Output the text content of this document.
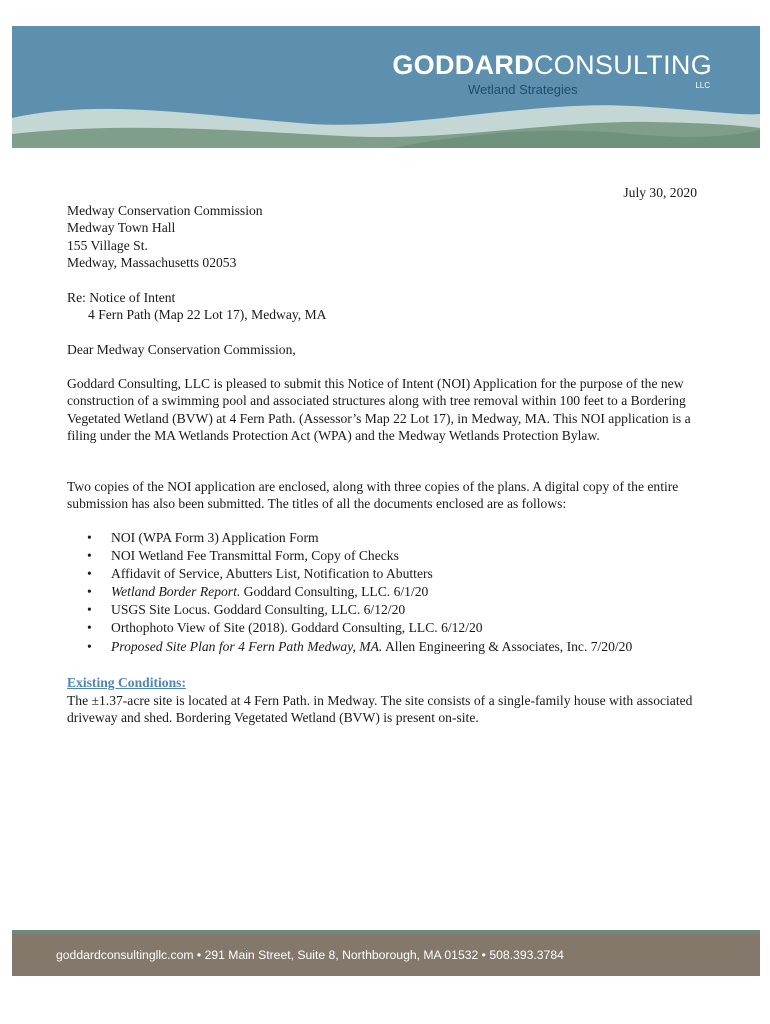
GODDARDCONSULTING
LLC
Wetland Strategies
July 30, 2020
Medway Conservation Commission
Medway Town Hall
155 Village St.
Medway, Massachusetts 02053
Re: Notice of Intent
4 Fern Path (Map 22 Lot 17), Medway, MA
Dear Medway Conservation Commission,
Goddard Consulting, LLC is pleased to submit this Notice of Intent (NOI) Application for the purpose of the new construction of a swimming pool and associated structures along with tree removal within 100 feet to a Bordering Vegetated Wetland (BVW) at 4 Fern Path. (Assessor’s Map 22 Lot 17), in Medway, MA. This NOI application is a filing under the MA Wetlands Protection Act (WPA) and the Medway Wetlands Protection Bylaw.
Two copies of the NOI application are enclosed, along with three copies of the plans. A digital copy of the entire submission has also been submitted. The titles of all the documents enclosed are as follows:
• NOI (WPA Form 3) Application Form
• NOI Wetland Fee Transmittal Form, Copy of Checks
• Affidavit of Service, Abutters List, Notification to Abutters
• Wetland Border Report. Goddard Consulting, LLC. 6/1/20
• USGS Site Locus. Goddard Consulting, LLC. 6/12/20
• Orthophoto View of Site (2018). Goddard Consulting, LLC. 6/12/20
• Proposed Site Plan for 4 Fern Path Medway, MA. Allen Engineering & Associates, Inc. 7/20/20
Existing Conditions:
The ±1.37-acre site is located at 4 Fern Path. in Medway. The site consists of a single-family house with associated driveway and shed. Bordering Vegetated Wetland (BVW) is present on-site.
goddardconsultingllc.com • 291 Main Street, Suite 8, Northborough, MA 01532 • 508.393.3784
